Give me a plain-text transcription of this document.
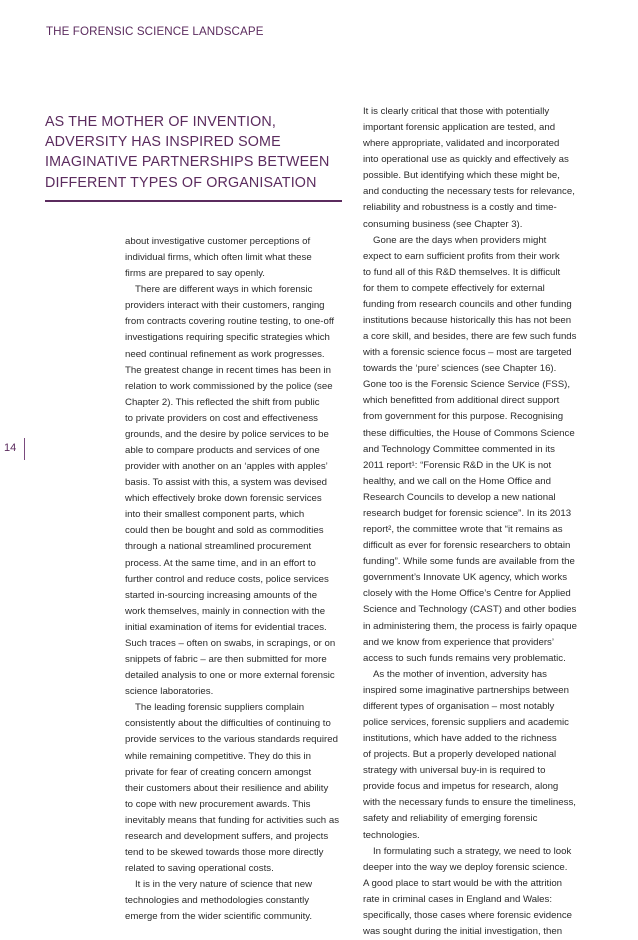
THE FORENSIC SCIENCE LANDSCAPE
AS THE MOTHER OF INVENTION,
ADVERSITY HAS INSPIRED SOME
IMAGINATIVE PARTNERSHIPS BETWEEN
DIFFERENT TYPES OF ORGANISATION
14
about investigative customer perceptions of
individual firms, which often limit what these
firms are prepared to say openly.
There are different ways in which forensic
providers interact with their customers, ranging
from contracts covering routine testing, to one-off
investigations requiring specific strategies which
need continual refinement as work progresses.
The greatest change in recent times has been in
relation to work commissioned by the police (see
Chapter 2). This reflected the shift from public
to private providers on cost and effectiveness
grounds, and the desire by police services to be
able to compare products and services of one
provider with another on an ‘apples with apples’
basis. To assist with this, a system was devised
which effectively broke down forensic services
into their smallest component parts, which
could then be bought and sold as commodities
through a national streamlined procurement
process. At the same time, and in an effort to
further control and reduce costs, police services
started in-sourcing increasing amounts of the
work themselves, mainly in connection with the
initial examination of items for evidential traces.
Such traces – often on swabs, in scrapings, or on
snippets of fabric – are then submitted for more
detailed analysis to one or more external forensic
science laboratories.
The leading forensic suppliers complain
consistently about the difficulties of continuing to
provide services to the various standards required
while remaining competitive. They do this in
private for fear of creating concern amongst
their customers about their resilience and ability
to cope with new procurement awards. This
inevitably means that funding for activities such as
research and development suffers, and projects
tend to be skewed towards those more directly
related to saving operational costs.
It is in the very nature of science that new
technologies and methodologies constantly
emerge from the wider scientific community.
It is clearly critical that those with potentially
important forensic application are tested, and
where appropriate, validated and incorporated
into operational use as quickly and effectively as
possible. But identifying which these might be,
and conducting the necessary tests for relevance,
reliability and robustness is a costly and time-
consuming business (see Chapter 3).
Gone are the days when providers might
expect to earn sufficient profits from their work
to fund all of this R&D themselves. It is difficult
for them to compete effectively for external
funding from research councils and other funding
institutions because historically this has not been
a core skill, and besides, there are few such funds
with a forensic science focus – most are targeted
towards the ‘pure’ sciences (see Chapter 16).
Gone too is the Forensic Science Service (FSS),
which benefitted from additional direct support
from government for this purpose. Recognising
these difficulties, the House of Commons Science
and Technology Committee commented in its
2011 report¹: “Forensic R&D in the UK is not
healthy, and we call on the Home Office and
Research Councils to develop a new national
research budget for forensic science”. In its 2013
report², the committee wrote that “it remains as
difficult as ever for forensic researchers to obtain
funding”. While some funds are available from the
government’s Innovate UK agency, which works
closely with the Home Office’s Centre for Applied
Science and Technology (CAST) and other bodies
in administering them, the process is fairly opaque
and we know from experience that providers’
access to such funds remains very problematic.
As the mother of invention, adversity has
inspired some imaginative partnerships between
different types of organisation – most notably
police services, forensic suppliers and academic
institutions, which have added to the richness
of projects. But a properly developed national
strategy with universal buy-in is required to
provide focus and impetus for research, along
with the necessary funds to ensure the timeliness,
safety and reliability of emerging forensic
technologies.
In formulating such a strategy, we need to look
deeper into the way we deploy forensic science.
A good place to start would be with the attrition
rate in criminal cases in England and Wales:
specifically, those cases where forensic evidence
was sought during the initial investigation, then
